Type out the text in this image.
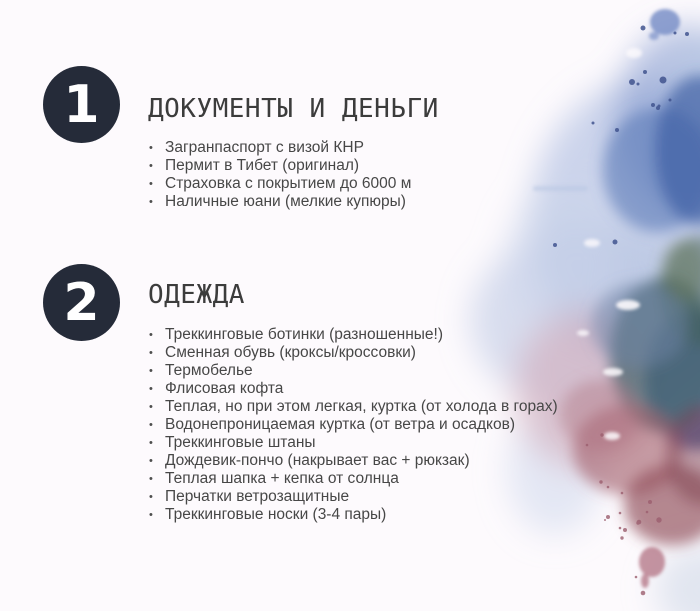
1 ДОКУМЕНТЫ И ДЕНЬГИ
• Загранпаспорт с визой КНР
• Пермит в Тибет (оригинал)
• Страховка с покрытием до 6000 м
• Наличные юани (мелкие купюры)
2 ОДЕЖДА
• Треккинговые ботинки (разношенные!)
• Сменная обувь (кроксы/кроссовки)
• Термобелье
• Флисовая кофта
• Теплая, но при этом легкая, куртка (от холода в горах)
• Водонепроницаемая куртка (от ветра и осадков)
• Треккинговые штаны
• Дождевик-пончо (накрывает вас + рюкзак)
• Теплая шапка + кепка от солнца
• Перчатки ветрозащитные
• Треккинговые носки (3-4 пары)
